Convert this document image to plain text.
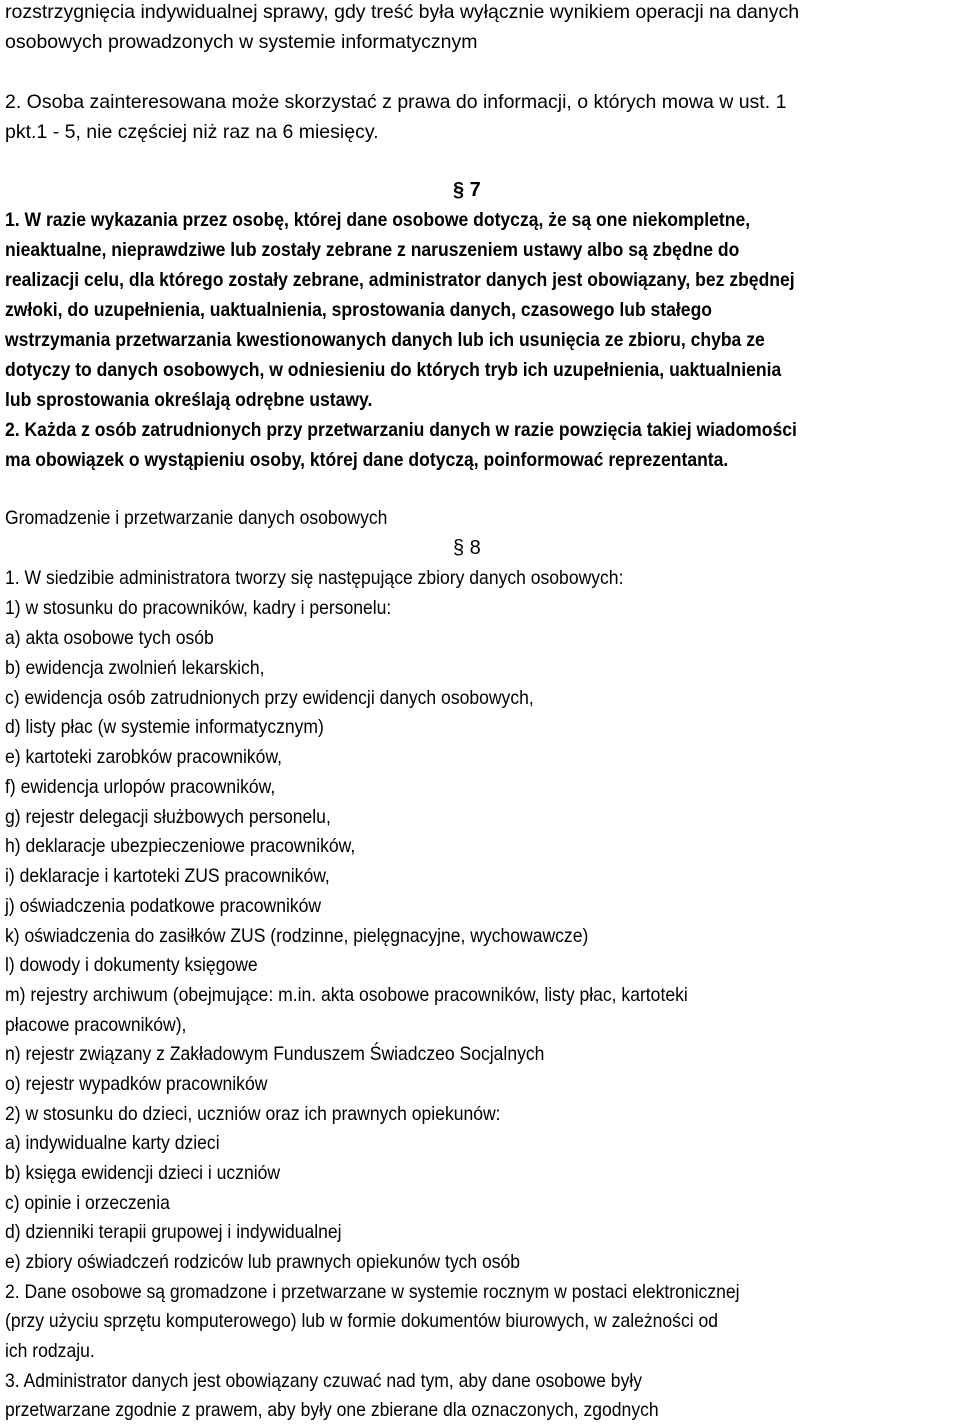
rozstrzygnięcia indywidualnej sprawy, gdy treść była wyłącznie wynikiem operacji na danych
osobowych prowadzonych w systemie informatycznym
2. Osoba zainteresowana może skorzystać z prawa do informacji, o których mowa w ust. 1
pkt.1 - 5, nie częściej niż raz na 6 miesięcy.
§ 7
1. W razie wykazania przez osobę, której dane osobowe dotyczą, że są one niekompletne,
nieaktualne, nieprawdziwe lub zostały zebrane z naruszeniem ustawy albo są zbędne do
realizacji celu, dla którego zostały zebrane, administrator danych jest obowiązany, bez zbędnej
zwłoki, do uzupełnienia, uaktualnienia, sprostowania danych, czasowego lub stałego
wstrzymania przetwarzania kwestionowanych danych lub ich usunięcia ze zbioru, chyba ze
dotyczy to danych osobowych, w odniesieniu do których tryb ich uzupełnienia, uaktualnienia
lub sprostowania określają odrębne ustawy.
2. Każda z osób zatrudnionych przy przetwarzaniu danych w razie powzięcia takiej wiadomości
ma obowiązek o wystąpieniu osoby, której dane dotyczą, poinformować reprezentanta.
Gromadzenie i przetwarzanie danych osobowych
§ 8
1. W siedzibie administratora tworzy się następujące zbiory danych osobowych:
1) w stosunku do pracowników, kadry i personelu:
a) akta osobowe tych osób
b) ewidencja zwolnień lekarskich,
c) ewidencja osób zatrudnionych przy ewidencji danych osobowych,
d) listy płac (w systemie informatycznym)
e) kartoteki zarobków pracowników,
f) ewidencja urlopów pracowników,
g) rejestr delegacji służbowych personelu,
h) deklaracje ubezpieczeniowe pracowników,
i) deklaracje i kartoteki ZUS pracowników,
j) oświadczenia podatkowe pracowników
k) oświadczenia do zasiłków ZUS (rodzinne, pielęgnacyjne, wychowawcze)
l) dowody i dokumenty księgowe
m) rejestry archiwum (obejmujące: m.in. akta osobowe pracowników, listy płac, kartoteki
płacowe pracowników),
n) rejestr związany z Zakładowym Funduszem Świadczeo Socjalnych
o) rejestr wypadków pracowników
2) w stosunku do dzieci, uczniów oraz ich prawnych opiekunów:
a) indywidualne karty dzieci
b) księga ewidencji dzieci i uczniów
c) opinie i orzeczenia
d) dzienniki terapii grupowej i indywidualnej
e) zbiory oświadczeń rodziców lub prawnych opiekunów tych osób
2. Dane osobowe są gromadzone i przetwarzane w systemie rocznym w postaci elektronicznej
(przy użyciu sprzętu komputerowego) lub w formie dokumentów biurowych, w zależności od
ich rodzaju.
3. Administrator danych jest obowiązany czuwać nad tym, aby dane osobowe były
przetwarzane zgodnie z prawem, aby były one zbierane dla oznaczonych, zgodnych
